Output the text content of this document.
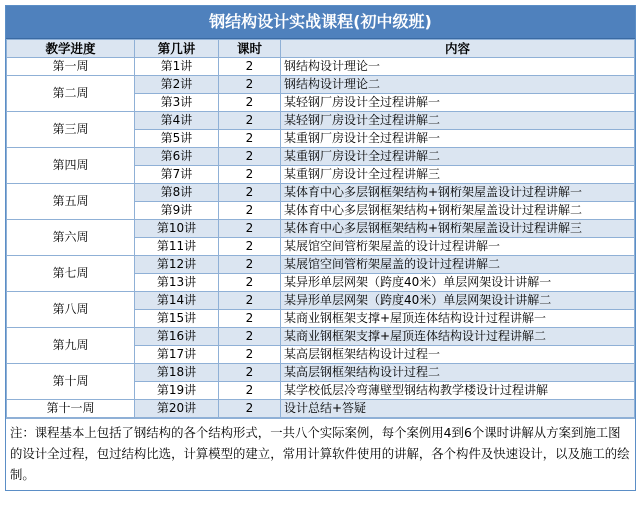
钢结构设计实战课程(初中级班)
教学进度	第几讲	课时	内容
第一周	第1讲	2	钢结构设计理论一
第二周	第2讲	2	钢结构设计理论二
	第3讲	2	某轻钢厂房设计全过程讲解一
第三周	第4讲	2	某轻钢厂房设计全过程讲解二
	第5讲	2	某重钢厂房设计全过程讲解一
第四周	第6讲	2	某重钢厂房设计全过程讲解二
	第7讲	2	某重钢厂房设计全过程讲解三
第五周	第8讲	2	某体育中心多层钢框架结构+钢桁架屋盖设计过程讲解一
	第9讲	2	某体育中心多层钢框架结构+钢桁架屋盖设计过程讲解二
第六周	第10讲	2	某体育中心多层钢框架结构+钢桁架屋盖设计过程讲解三
	第11讲	2	某展馆空间管桁架屋盖的设计过程讲解一
第七周	第12讲	2	某展馆空间管桁架屋盖的设计过程讲解二
	第13讲	2	某异形单层网架（跨度40米）单层网架设计讲解一
第八周	第14讲	2	某异形单层网架（跨度40米）单层网架设计讲解二
	第15讲	2	某商业钢框架支撑+屋顶连体结构设计过程讲解一
第九周	第16讲	2	某商业钢框架支撑+屋顶连体结构设计过程讲解二
	第17讲	2	某高层钢框架结构设计过程一
第十周	第18讲	2	某高层钢框架结构设计过程二
	第19讲	2	某学校低层冷弯薄壁型钢结构教学楼设计过程讲解
第十一周	第20讲	2	设计总结+答疑
注：课程基本上包括了钢结构的各个结构形式，一共八个实际案例，每个案例用4到6个课时讲解从方案到施工图的设计全过程，包过结构比选，计算模型的建立，常用计算软件使用的讲解，各个构件及快速设计，以及施工的绘制。
